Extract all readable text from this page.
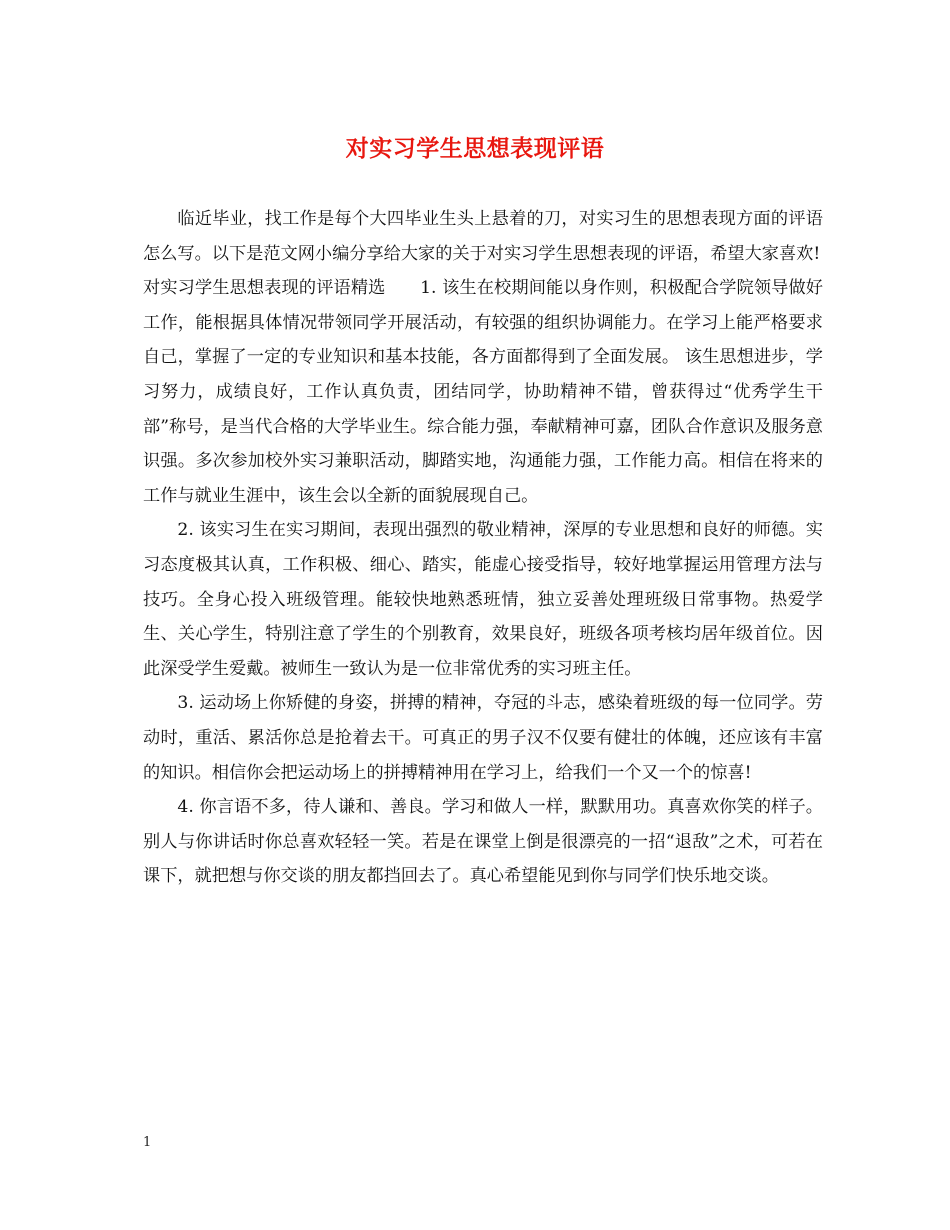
对实习学生思想表现评语

临近毕业，找工作是每个大四毕业生头上悬着的刀，对实习生的思想表现方面的评语怎么写。以下是范文网小编分享给大家的关于对实习学生思想表现的评语，希望大家喜欢!

对实习学生思想表现的评语精选　　1. 该生在校期间能以身作则，积极配合学院领导做好工作，能根据具体情况带领同学开展活动，有较强的组织协调能力。在学习上能严格要求自己，掌握了一定的专业知识和基本技能，各方面都得到了全面发展。 该生思想进步，学习努力，成绩良好，工作认真负责，团结同学，协助精神不错，曾获得过“优秀学生干部”称号，是当代合格的大学毕业生。综合能力强，奉献精神可嘉，团队合作意识及服务意识强。多次参加校外实习兼职活动，脚踏实地，沟通能力强，工作能力高。相信在将来的工作与就业生涯中，该生会以全新的面貌展现自己。

2. 该实习生在实习期间，表现出强烈的敬业精神，深厚的专业思想和良好的师德。实习态度极其认真，工作积极、细心、踏实，能虚心接受指导，较好地掌握运用管理方法与技巧。全身心投入班级管理。能较快地熟悉班情，独立妥善处理班级日常事物。热爱学生、关心学生，特别注意了学生的个别教育，效果良好，班级各项考核均居年级首位。因此深受学生爱戴。被师生一致认为是一位非常优秀的实习班主任。

3. 运动场上你矫健的身姿，拼搏的精神，夺冠的斗志，感染着班级的每一位同学。劳动时，重活、累活你总是抢着去干。可真正的男子汉不仅要有健壮的体魄，还应该有丰富的知识。相信你会把运动场上的拼搏精神用在学习上，给我们一个又一个的惊喜!

4. 你言语不多，待人谦和、善良。学习和做人一样，默默用功。真喜欢你笑的样子。别人与你讲话时你总喜欢轻轻一笑。若是在课堂上倒是很漂亮的一招“退敌”之术，可若在课下，就把想与你交谈的朋友都挡回去了。真心希望能见到你与同学们快乐地交谈。

1
